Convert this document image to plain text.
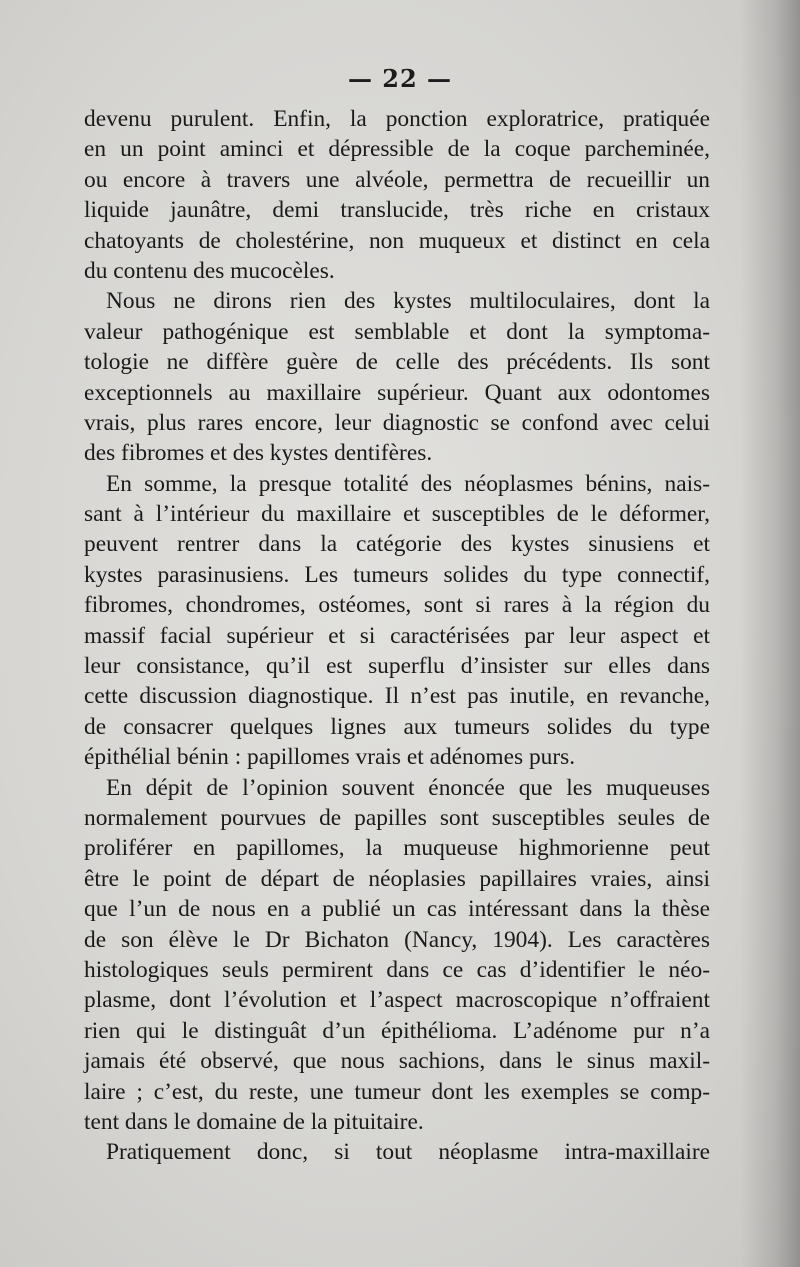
— 22 —
devenu purulent. Enfin, la ponction exploratrice, pratiquée
en un point aminci et dépressible de la coque parcheminée,
ou encore à travers une alvéole, permettra de recueillir un
liquide jaunâtre, demi translucide, très riche en cristaux
chatoyants de cholestérine, non muqueux et distinct en cela
du contenu des mucocèles.
Nous ne dirons rien des kystes multiloculaires, dont la
valeur pathogénique est semblable et dont la symptoma-
tologie ne diffère guère de celle des précédents. Ils sont
exceptionnels au maxillaire supérieur. Quant aux odontomes
vrais, plus rares encore, leur diagnostic se confond avec celui
des fibromes et des kystes dentifères.
En somme, la presque totalité des néoplasmes bénins, nais-
sant à l’intérieur du maxillaire et susceptibles de le déformer,
peuvent rentrer dans la catégorie des kystes sinusiens et
kystes parasinusiens. Les tumeurs solides du type connectif,
fibromes, chondromes, ostéomes, sont si rares à la région du
massif facial supérieur et si caractérisées par leur aspect et
leur consistance, qu’il est superflu d’insister sur elles dans
cette discussion diagnostique. Il n’est pas inutile, en revanche,
de consacrer quelques lignes aux tumeurs solides du type
épithélial bénin : papillomes vrais et adénomes purs.
En dépit de l’opinion souvent énoncée que les muqueuses
normalement pourvues de papilles sont susceptibles seules de
proliférer en papillomes, la muqueuse highmorienne peut
être le point de départ de néoplasies papillaires vraies, ainsi
que l’un de nous en a publié un cas intéressant dans la thèse
de son élève le Dr Bichaton (Nancy, 1904). Les caractères
histologiques seuls permirent dans ce cas d’identifier le néo-
plasme, dont l’évolution et l’aspect macroscopique n’offraient
rien qui le distinguât d’un épithélioma. L’adénome pur n’a
jamais été observé, que nous sachions, dans le sinus maxil-
laire ; c’est, du reste, une tumeur dont les exemples se comp-
tent dans le domaine de la pituitaire.
Pratiquement donc, si tout néoplasme intra-maxillaire
